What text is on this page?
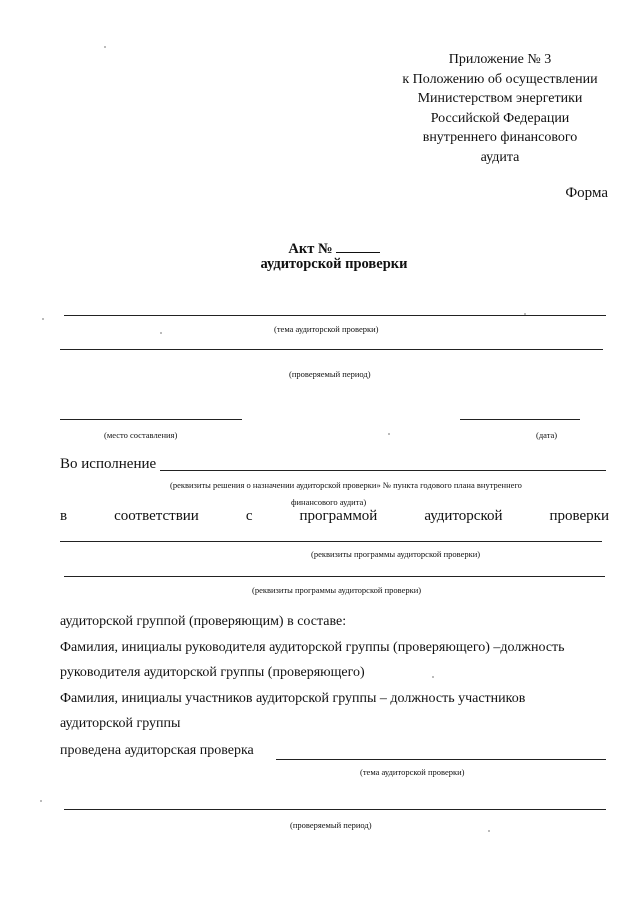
Приложение № 3
к Положению об осуществлении
Министерством энергетики
Российской Федерации
внутреннего финансового
аудита
Форма
Акт №
аудиторской проверки
(тема аудиторской проверки)
(проверяемый период)
(место составления)	(дата)
Во исполнение
(реквизиты решения о назначении аудиторской проверки» № пункта годового плана внутреннего
финансового аудита)
в	соответствии	с	программой	аудиторской	проверки
(реквизиты программы аудиторской проверки)
(реквизиты программы аудиторской проверки)
аудиторской группой (проверяющим) в составе:
Фамилия, инициалы руководителя аудиторской группы (проверяющего) –должность
руководителя аудиторской группы (проверяющего)
Фамилия, инициалы участников аудиторской группы – должность участников
аудиторской группы
проведена аудиторская проверка
(тема аудиторской проверки)
(проверяемый период)
